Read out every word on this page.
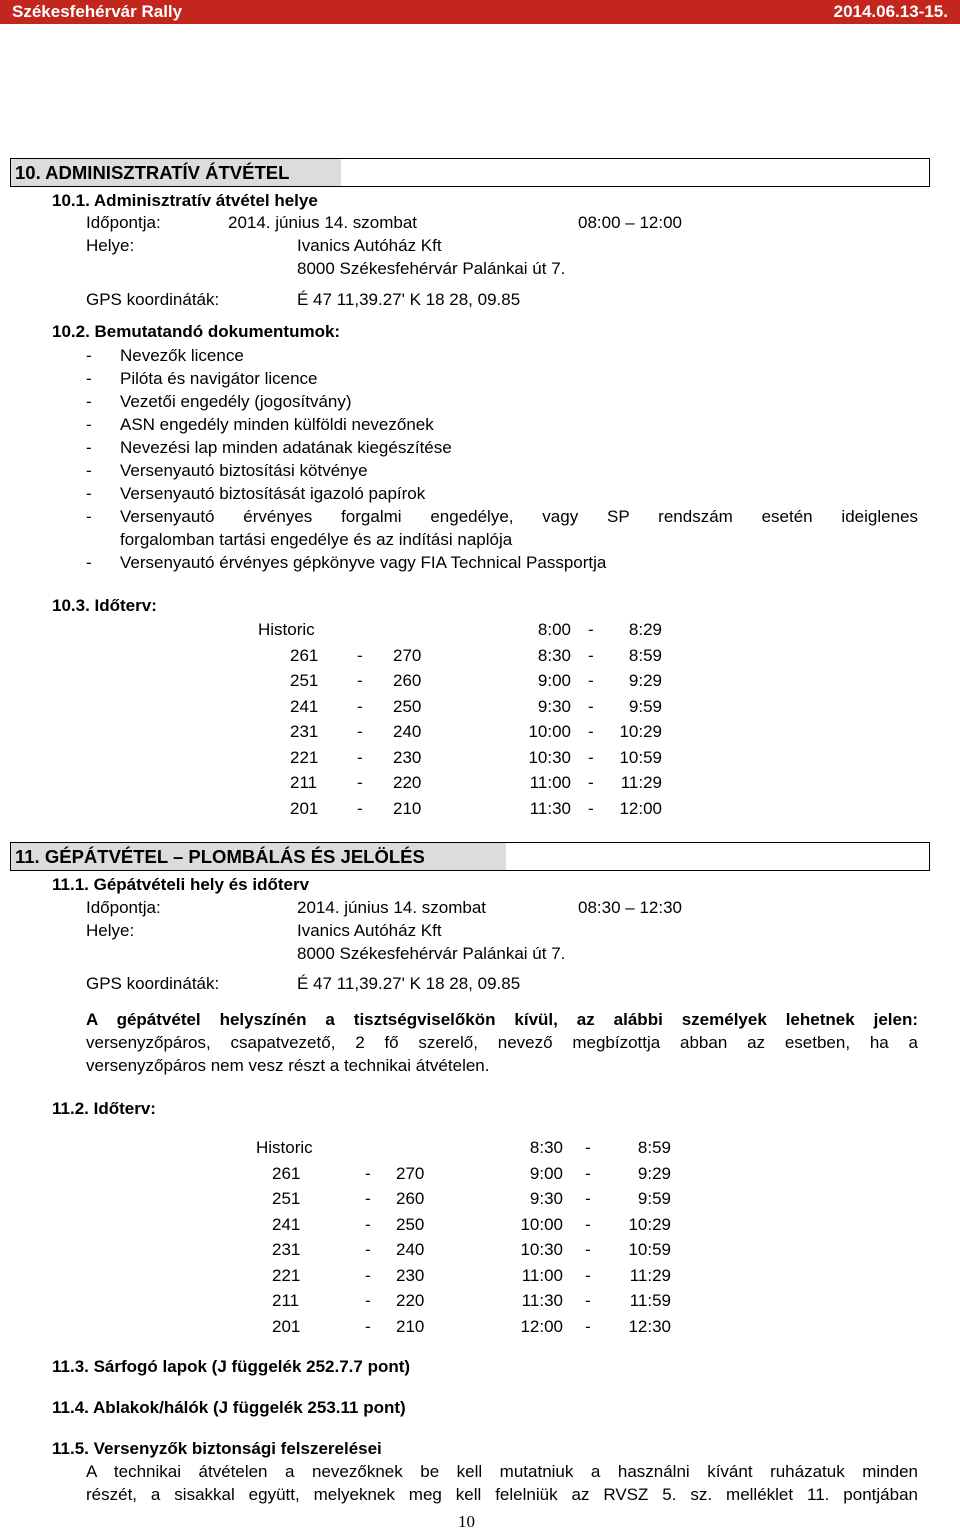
Székesfehérvár Rally	2014.06.13-15.
10. ADMINISZTRATÍV ÁTVÉTEL
10.1. Adminisztratív átvétel helye
Időpontja:	2014. június 14. szombat	08:00 – 12:00
Helye:	Ivanics Autóház Kft
8000 Székesfehérvár Palánkai út 7.
GPS koordináták:	É 47 11,39.27' K 18 28, 09.85
10.2. Bemutatandó dokumentumok:
- Nevezők licence
- Pilóta és navigátor licence
- Vezetői engedély (jogosítvány)
- ASN engedély minden külföldi nevezőnek
- Nevezési lap minden adatának kiegészítése
- Versenyautó biztosítási kötvénye
- Versenyautó biztosítását igazoló papírok
- Versenyautó érvényes forgalmi engedélye, vagy SP rendszám esetén ideiglenes
forgalomban tartási engedélye és az indítási naplója
- Versenyautó érvényes gépkönyve vagy FIA Technical Passportja
10.3. Időterv:
Historic	8:00 - 8:29
261 - 270	8:30 - 8:59
251 - 260	9:00 - 9:29
241 - 250	9:30 - 9:59
231 - 240	10:00 - 10:29
221 - 230	10:30 - 10:59
211 - 220	11:00 - 11:29
201 - 210	11:30 - 12:00
11. GÉPÁTVÉTEL – PLOMBÁLÁS ÉS JELÖLÉS
11.1. Gépátvételi hely és időterv
Időpontja:	2014. június 14. szombat	08:30 – 12:30
Helye:	Ivanics Autóház Kft
8000 Székesfehérvár Palánkai út 7.
GPS koordináták:	É 47 11,39.27' K 18 28, 09.85
A gépátvétel helyszínén a tisztségviselőkön kívül, az alábbi személyek lehetnek jelen:
versenyzőpáros, csapatvezető, 2 fő szerelő, nevező megbízottja abban az esetben, ha a
versenyzőpáros nem vesz részt a technikai átvételen.
11.2. Időterv:
Historic	8:30 -	8:59
261	- 270	9:00 -	9:29
251	- 260	9:30 -	9:59
241	- 250	10:00 - 10:29
231	- 240	10:30 - 10:59
221	- 230	11:00 - 11:29
211	- 220	11:30 - 11:59
201	- 210	12:00 - 12:30
11.3. Sárfogó lapok (J függelék 252.7.7 pont)
11.4. Ablakok/hálók (J függelék 253.11 pont)
11.5. Versenyzők biztonsági felszerelései
A technikai átvételen a nevezőknek be kell mutatniuk a használni kívánt ruházatuk minden
részét, a sisakkal együtt, melyeknek meg kell felelniük az RVSZ 5. sz. melléklet 11. pontjában
10
